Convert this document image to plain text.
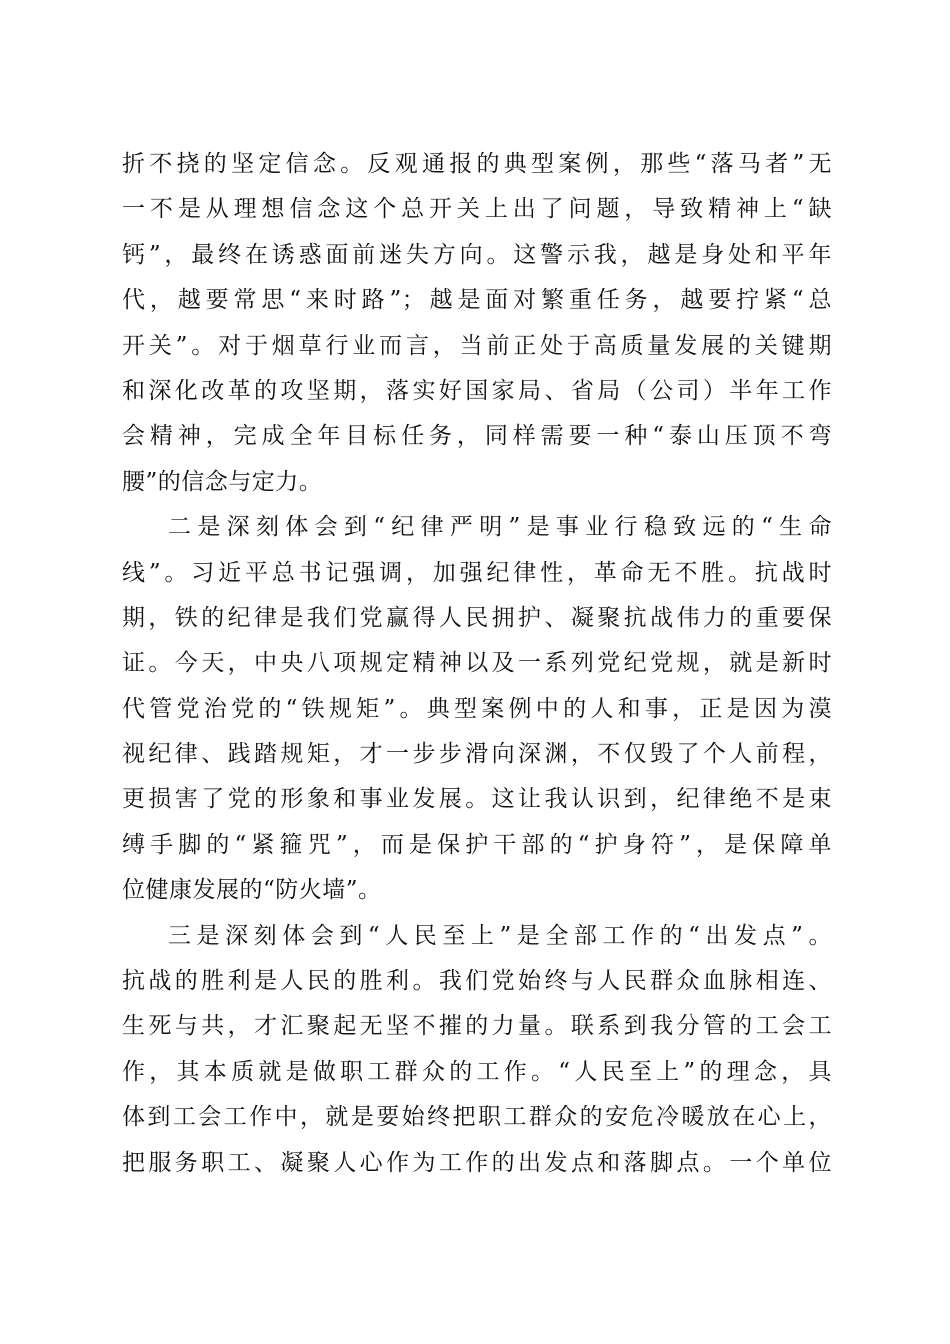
折不挠的坚定信念。反观通报的典型案例，那些“落马者”无
一不是从理想信念这个总开关上出了问题，导致精神上“缺
钙”，最终在诱惑面前迷失方向。这警示我，越是身处和平年
代，越要常思“来时路”；越是面对繁重任务，越要拧紧“总
开关”。对于烟草行业而言，当前正处于高质量发展的关键期
和深化改革的攻坚期，落实好国家局、省局（公司）半年工作
会精神，完成全年目标任务，同样需要一种“泰山压顶不弯
腰”的信念与定力。
二是深刻体会到“纪律严明”是事业行稳致远的“生命
线”。习近平总书记强调，加强纪律性，革命无不胜。抗战时
期，铁的纪律是我们党赢得人民拥护、凝聚抗战伟力的重要保
证。今天，中央八项规定精神以及一系列党纪党规，就是新时
代管党治党的“铁规矩”。典型案例中的人和事，正是因为漠
视纪律、践踏规矩，才一步步滑向深渊，不仅毁了个人前程，
更损害了党的形象和事业发展。这让我认识到，纪律绝不是束
缚手脚的“紧箍咒”，而是保护干部的“护身符”，是保障单
位健康发展的“防火墙”。
三是深刻体会到“人民至上”是全部工作的“出发点”。
抗战的胜利是人民的胜利。我们党始终与人民群众血脉相连、
生死与共，才汇聚起无坚不摧的力量。联系到我分管的工会工
作，其本质就是做职工群众的工作。“人民至上”的理念，具
体到工会工作中，就是要始终把职工群众的安危冷暖放在心上，
把服务职工、凝聚人心作为工作的出发点和落脚点。一个单位
